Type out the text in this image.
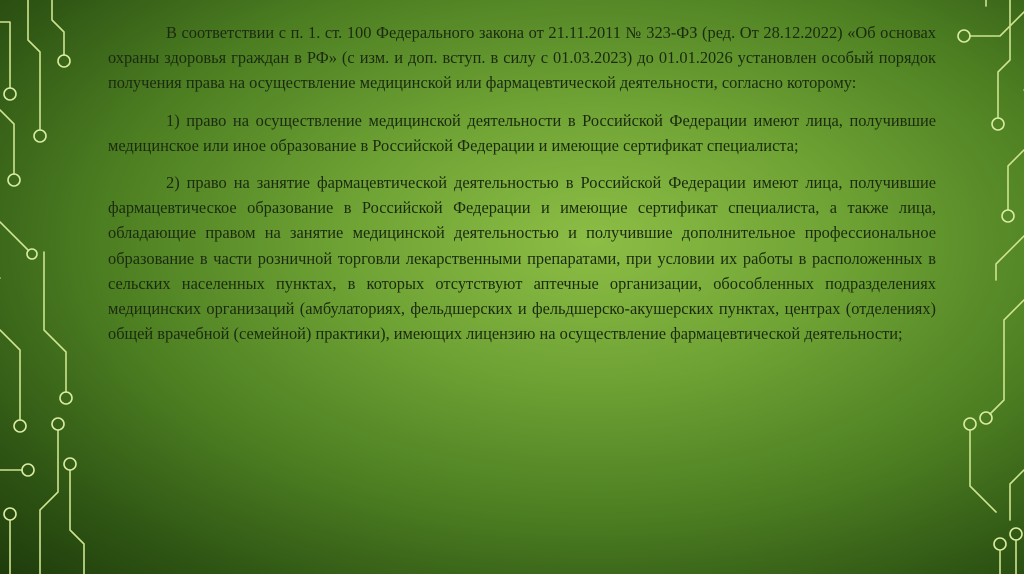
В соответствии с п. 1. ст. 100 Федерального закона от 21.11.2011 № 323-ФЗ (ред. От 28.12.2022) «Об основах охраны здоровья граждан в РФ» (с изм. и доп. вступ. в силу с 01.03.2023) до 01.01.2026 установлен особый порядок получения права на осуществление медицинской или фармацевтической деятельности, согласно которому:

1) право на осуществление медицинской деятельности в Российской Федерации имеют лица, получившие медицинское или иное образование в Российской Федерации и имеющие сертификат специалиста;

2) право на занятие фармацевтической деятельностью в Российской Федерации имеют лица, получившие фармацевтическое образование в Российской Федерации и имеющие сертификат специалиста, а также лица, обладающие правом на занятие медицинской деятельностью и получившие дополнительное профессиональное образование в части розничной торговли лекарственными препаратами, при условии их работы в расположенных в сельских населенных пунктах, в которых отсутствуют аптечные организации, обособленных подразделениях медицинских организаций (амбулаториях, фельдшерских и фельдшерско-акушерских пунктах, центрах (отделениях) общей врачебной (семейной) практики), имеющих лицензию на осуществление фармацевтической деятельности;
